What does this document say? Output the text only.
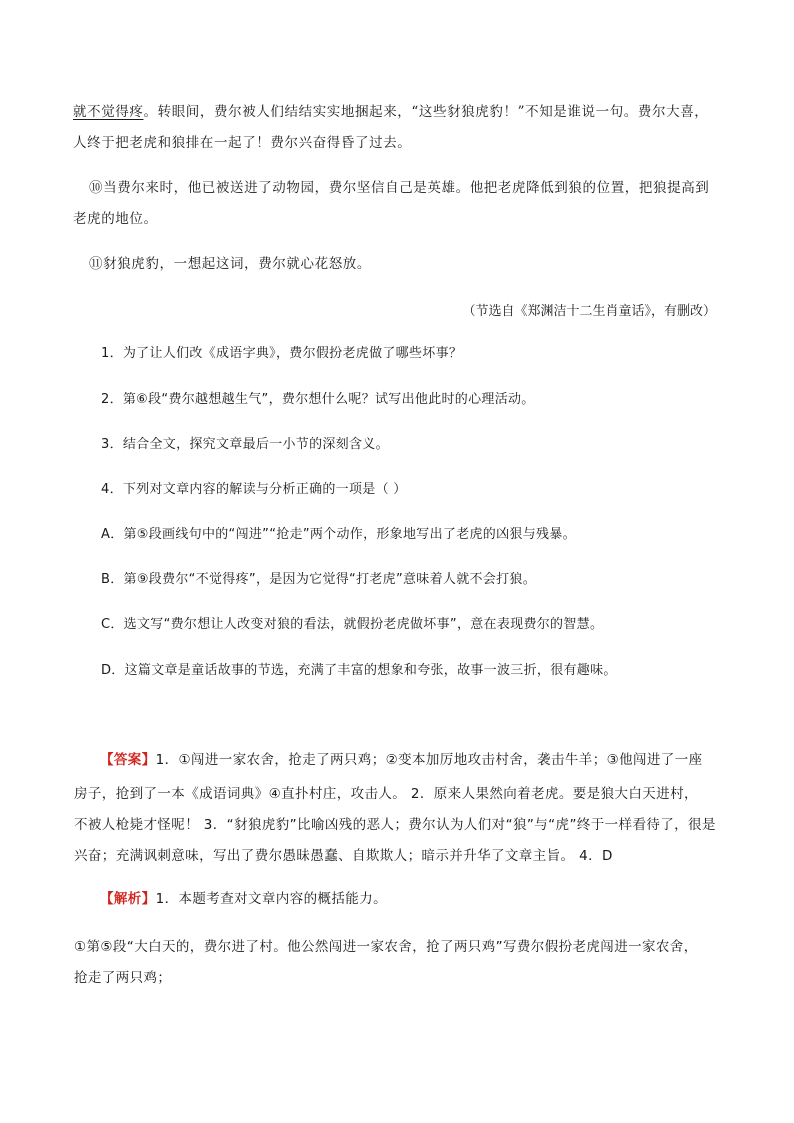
就不觉得疼。转眼间，费尔被人们结结实实地捆起来，“这些豺狼虎豹！”不知是谁说一句。费尔大喜，
人终于把老虎和狼排在一起了！费尔兴奋得昏了过去。
⑩当费尔来时，他已被送进了动物园，费尔坚信自己是英雄。他把老虎降低到狼的位置，把狼提高到
老虎的地位。
⑪豺狼虎豹，一想起这词，费尔就心花怒放。
（节选自《郑渊洁十二生肖童话》，有删改）
1．为了让人们改《成语字典》，费尔假扮老虎做了哪些坏事？
2．第⑥段“费尔越想越生气”，费尔想什么呢？试写出他此时的心理活动。
3．结合全文，探究文章最后一小节的深刻含义。
4．下列对文章内容的解读与分析正确的一项是（ ）
A．第⑤段画线句中的“闯进”“抢走”两个动作，形象地写出了老虎的凶狠与残暴。
B．第⑨段费尔“不觉得疼”，是因为它觉得“打老虎”意味着人就不会打狼。
C．选文写“费尔想让人改变对狼的看法，就假扮老虎做坏事”，意在表现费尔的智慧。
D．这篇文章是童话故事的节选，充满了丰富的想象和夸张，故事一波三折，很有趣味。
【答案】1．①闯进一家农舍，抢走了两只鸡；②变本加厉地攻击村舍，袭击牛羊；③他闯进了一座
房子，抢到了一本《成语词典》④直扑村庄，攻击人。 2．原来人果然向着老虎。要是狼大白天进村，
不被人枪毙才怪呢！ 3．“豺狼虎豹”比喻凶残的恶人；费尔认为人们对“狼”与“虎”终于一样看待了，很是
兴奋；充满讽刺意味，写出了费尔愚昧愚蠢、自欺欺人；暗示并升华了文章主旨。 4．D
【解析】1．本题考查对文章内容的概括能力。
①第⑤段“大白天的，费尔进了村。他公然闯进一家农舍，抢了两只鸡”写费尔假扮老虎闯进一家农舍，
抢走了两只鸡；
